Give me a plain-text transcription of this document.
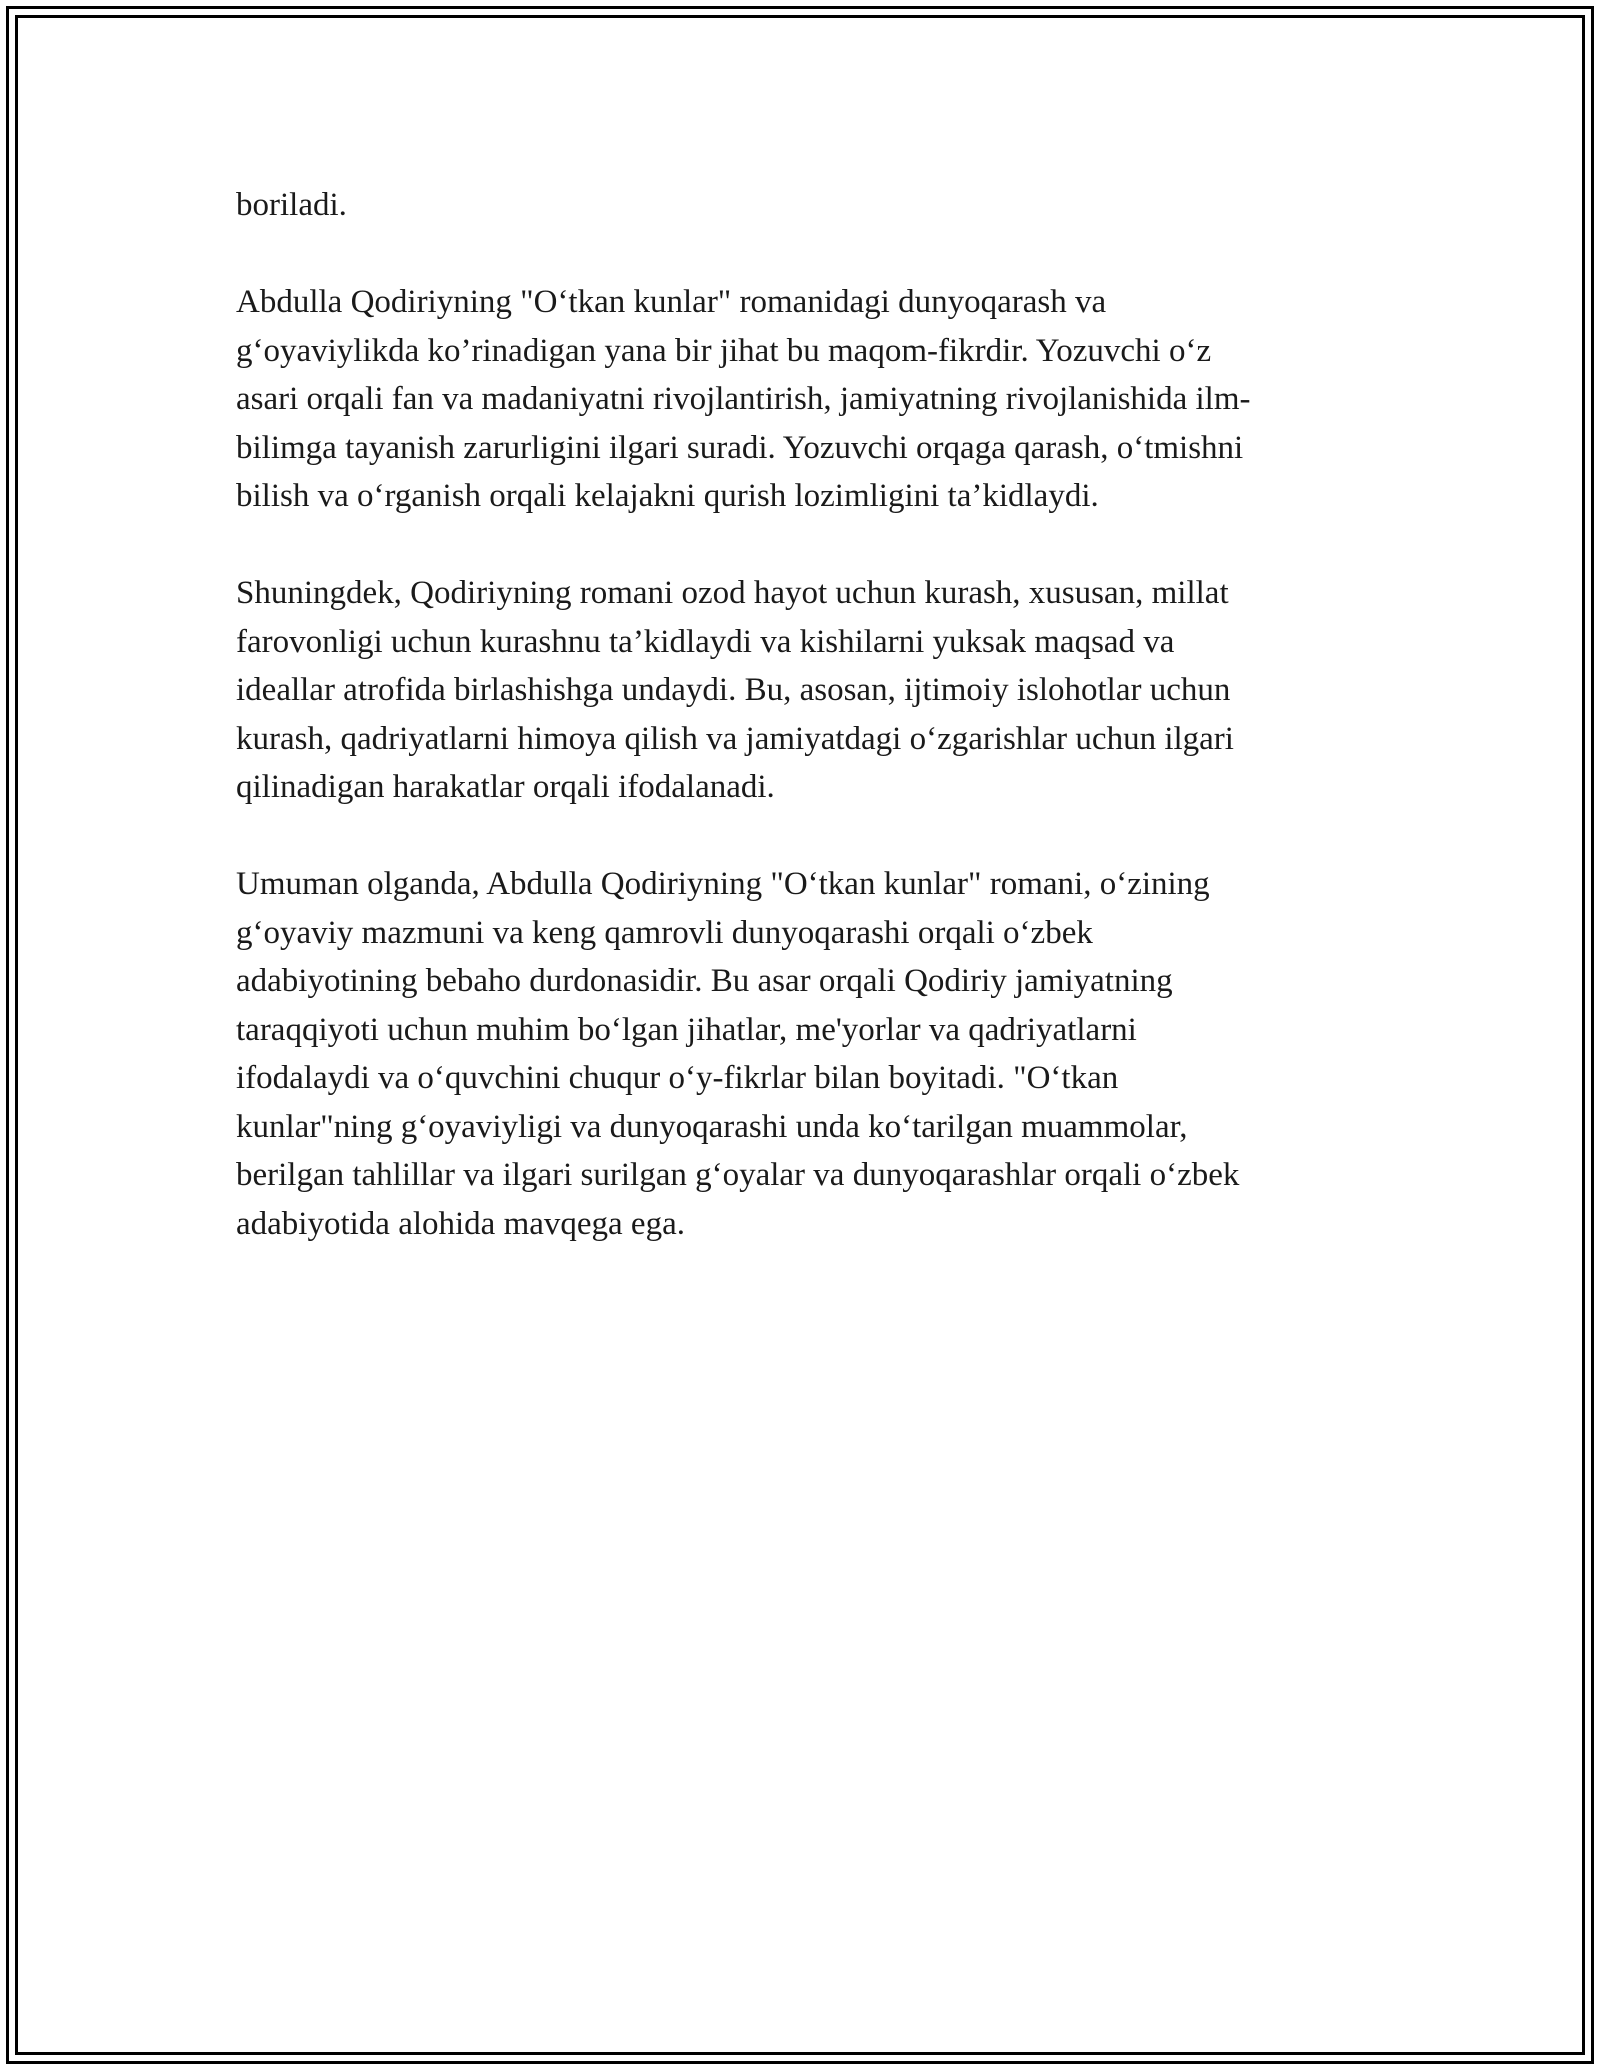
boriladi.

Abdulla Qodiriyning "O‘tkan kunlar" romanidagi dunyoqarash va
g‘oyaviylikda ko’rinadigan yana bir jihat bu maqom-fikrdir. Yozuvchi o‘z
asari orqali fan va madaniyatni rivojlantirish, jamiyatning rivojlanishida ilm-
bilimga tayanish zarurligini ilgari suradi. Yozuvchi orqaga qarash, o‘tmishni
bilish va o‘rganish orqali kelajakni qurish lozimligini ta’kidlaydi.

Shuningdek, Qodiriyning romani ozod hayot uchun kurash, xususan, millat
farovonligi uchun kurashnu ta’kidlaydi va kishilarni yuksak maqsad va
ideallar atrofida birlashishga undaydi. Bu, asosan, ijtimoiy islohotlar uchun
kurash, qadriyatlarni himoya qilish va jamiyatdagi o‘zgarishlar uchun ilgari
qilinadigan harakatlar orqali ifodalanadi.

Umuman olganda, Abdulla Qodiriyning "O‘tkan kunlar" romani, o‘zining
g‘oyaviy mazmuni va keng qamrovli dunyoqarashi orqali o‘zbek
adabiyotining bebaho durdonasidir. Bu asar orqali Qodiriy jamiyatning
taraqqiyoti uchun muhim bo‘lgan jihatlar, me'yorlar va qadriyatlarni
ifodalaydi va o‘quvchini chuqur o‘y-fikrlar bilan boyitadi. "O‘tkan
kunlar"ning g‘oyaviyligi va dunyoqarashi unda ko‘tarilgan muammolar,
berilgan tahlillar va ilgari surilgan g‘oyalar va dunyoqarashlar orqali o‘zbek
adabiyotida alohida mavqega ega.
